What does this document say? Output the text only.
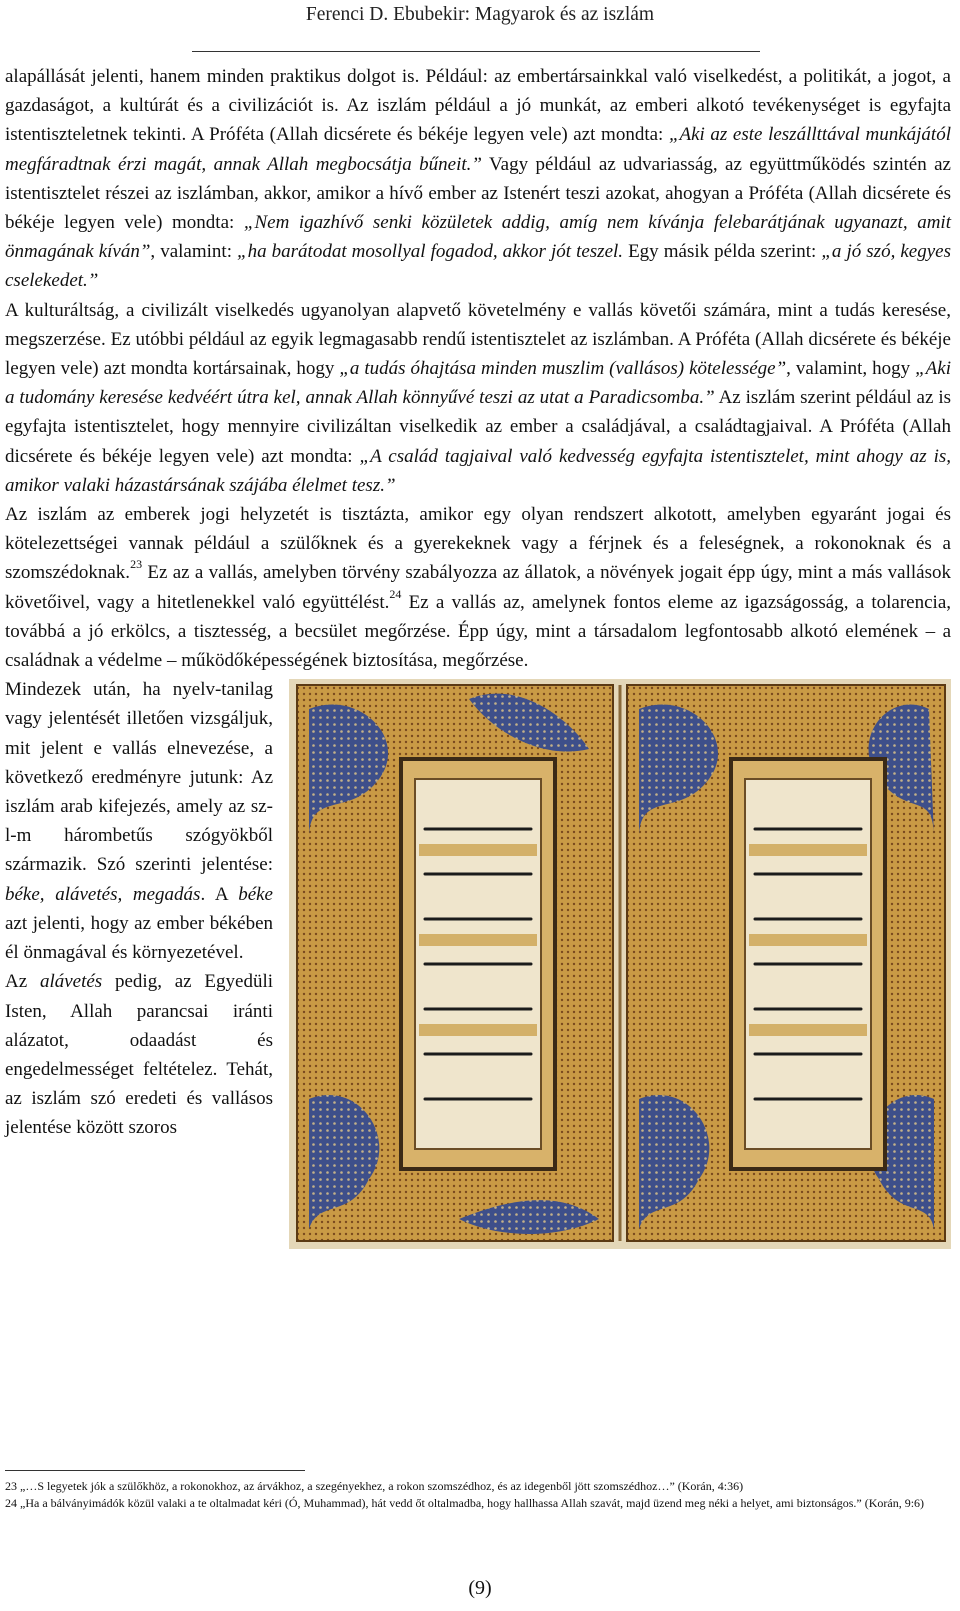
Ferenci D. Ebubekir: Magyarok és az iszlám

alapállását jelenti, hanem minden praktikus dolgot is. Például: az embertársainkkal való viselkedést, a politikát, a jogot, a gazdaságot, a kultúrát és a civilizációt is. Az iszlám például a jó munkát, az emberi alkotó tevékenységet is egyfajta istentiszteletnek tekinti. A Próféta (Allah dicsérete és békéje legyen vele) azt mondta: „Aki az este leszállttával munkájától megfáradtnak érzi magát, annak Allah megbocsátja bűneit.” Vagy például az udvariasság, az együttműködés szintén az istentisztelet részei az iszlámban, akkor, amikor a hívő ember az Istenért teszi azokat, ahogyan a Próféta (Allah dicsérete és békéje legyen vele) mondta: „Nem igazhívő senki közületek addig, amíg nem kívánja felebarátjának ugyanazt, amit önmagának kíván”, valamint: „ha barátodat mosollyal fogadod, akkor jót teszel. Egy másik példa szerint: „a jó szó, kegyes cselekedet.”

A kulturáltság, a civilizált viselkedés ugyanolyan alapvető követelmény e vallás követői számára, mint a tudás keresése, megszerzése. Ez utóbbi például az egyik legmagasabb rendű istentisztelet az iszlámban. A Próféta (Allah dicsérete és békéje legyen vele) azt mondta kortársainak, hogy „a tudás óhajtása minden muszlim (vallásos) kötelessége”, valamint, hogy „Aki a tudomány keresése kedvéért útra kel, annak Allah könnyűvé teszi az utat a Paradicsomba.” Az iszlám szerint például az is egyfajta istentisztelet, hogy mennyire civilizáltan viselkedik az ember a családjával, a családtagjaival. A Próféta (Allah dicsérete és békéje legyen vele) azt mondta: „A család tagjaival való kedvesség egyfajta istentisztelet, mint ahogy az is, amikor valaki házastársának szájába élelmet tesz.”

Az iszlám az emberek jogi helyzetét is tisztázta, amikor egy olyan rendszert alkotott, amelyben egyaránt jogai és kötelezettségei vannak például a szülőknek és a gyerekeknek vagy a férjnek és a feleségnek, a rokonoknak és a szomszédoknak.$^{23}$ Ez az a vallás, amelyben törvény szabályozza az állatok, a növények jogait épp úgy, mint a más vallások követőivel, vagy a hitetlenekkel való együttélést.$^{24}$ Ez a vallás az, amelynek fontos eleme az igazságosság, a tolarencia, továbbá a jó erkölcs, a tisztesség, a becsület megőrzése. Épp úgy, mint a társadalom legfontosabb alkotó elemének – a családnak a védelme – működőképességének biztosítása, megőrzése.

Mindezek után, ha nyelv-tanilag vagy jelentését illetően vizsgáljuk, mit jelent e vallás elnevezése, a következő eredményre jutunk: Az iszlám arab kifejezés, amely az sz-l-m hárombetűs szógyökből származik. Szó szerinti jelentése: béke, alávetés, megadás. A béke azt jelenti, hogy az ember békében él önmagával és környezetével.

Az alávetés pedig, az Egyedüli Isten, Allah parancsai iránti alázatot, odaadást és engedelmességet feltételez. Tehát, az iszlám szó eredeti és vallásos jelentése között szoros

23 „…S legyetek jók a szülőkhöz, a rokonokhoz, az árvákhoz, a szegényekhez, a rokon szomszédhoz, és az idegenből jött szomszédhoz…” (Korán, 4:36)

24 „Ha a bálványimádók közül valaki a te oltalmadat kéri (Ó, Muhammad), hát vedd őt oltalmadba, hogy hallhassa Allah szavát, majd üzend meg néki a helyet, ami biztonságos.” (Korán, 9:6)

(9)
